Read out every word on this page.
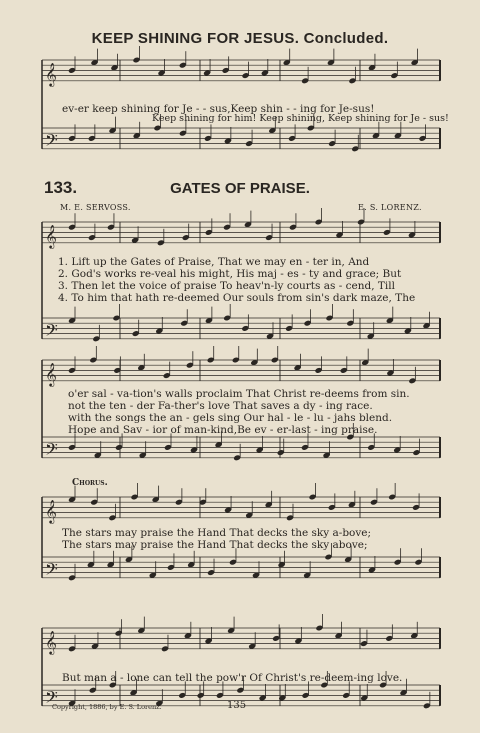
𝄞
𝄢
𝄞
𝄢
𝄞
𝄢
𝄞
𝄢
𝄞
𝄢
KEEP SHINING FOR JESUS. Concluded.
ev-er keep shining for Je - - sus,Keep shin - - ing for Je-sus!
Keep shining for him! Keep shining, Keep shining for Je - sus!
133.	GATES OF PRAISE.
M. E. SERVOSS.	E. S. LORENZ.
1. Lift up the Gates of Praise, That we may en - ter in, And
2. God's works re-veal his might, His maj - es - ty and grace; But
3. Then let the voice of praise To heav'n-ly courts as - cend, Till
4. To him that hath re-deemed Our souls from sin's dark maze, The
o'er sal - va-tion's walls proclaim That Christ re-deems from sin.
not the ten - der Fa-ther's love That saves a dy - ing race.
with the songs the an - gels sing Our hal - le - lu - jahs blend.
Hope and Sav - ior of man-kind,Be ev - er-last - ing praise.
Chorus.
The stars may praise the Hand That decks the sky a-bove;
The stars may praise the Hand That decks the sky above;
But man a - lone can tell the pow'r Of Christ's re-deem-ing love.
Copyright, 1886, by E. S. Lorenz.	135
